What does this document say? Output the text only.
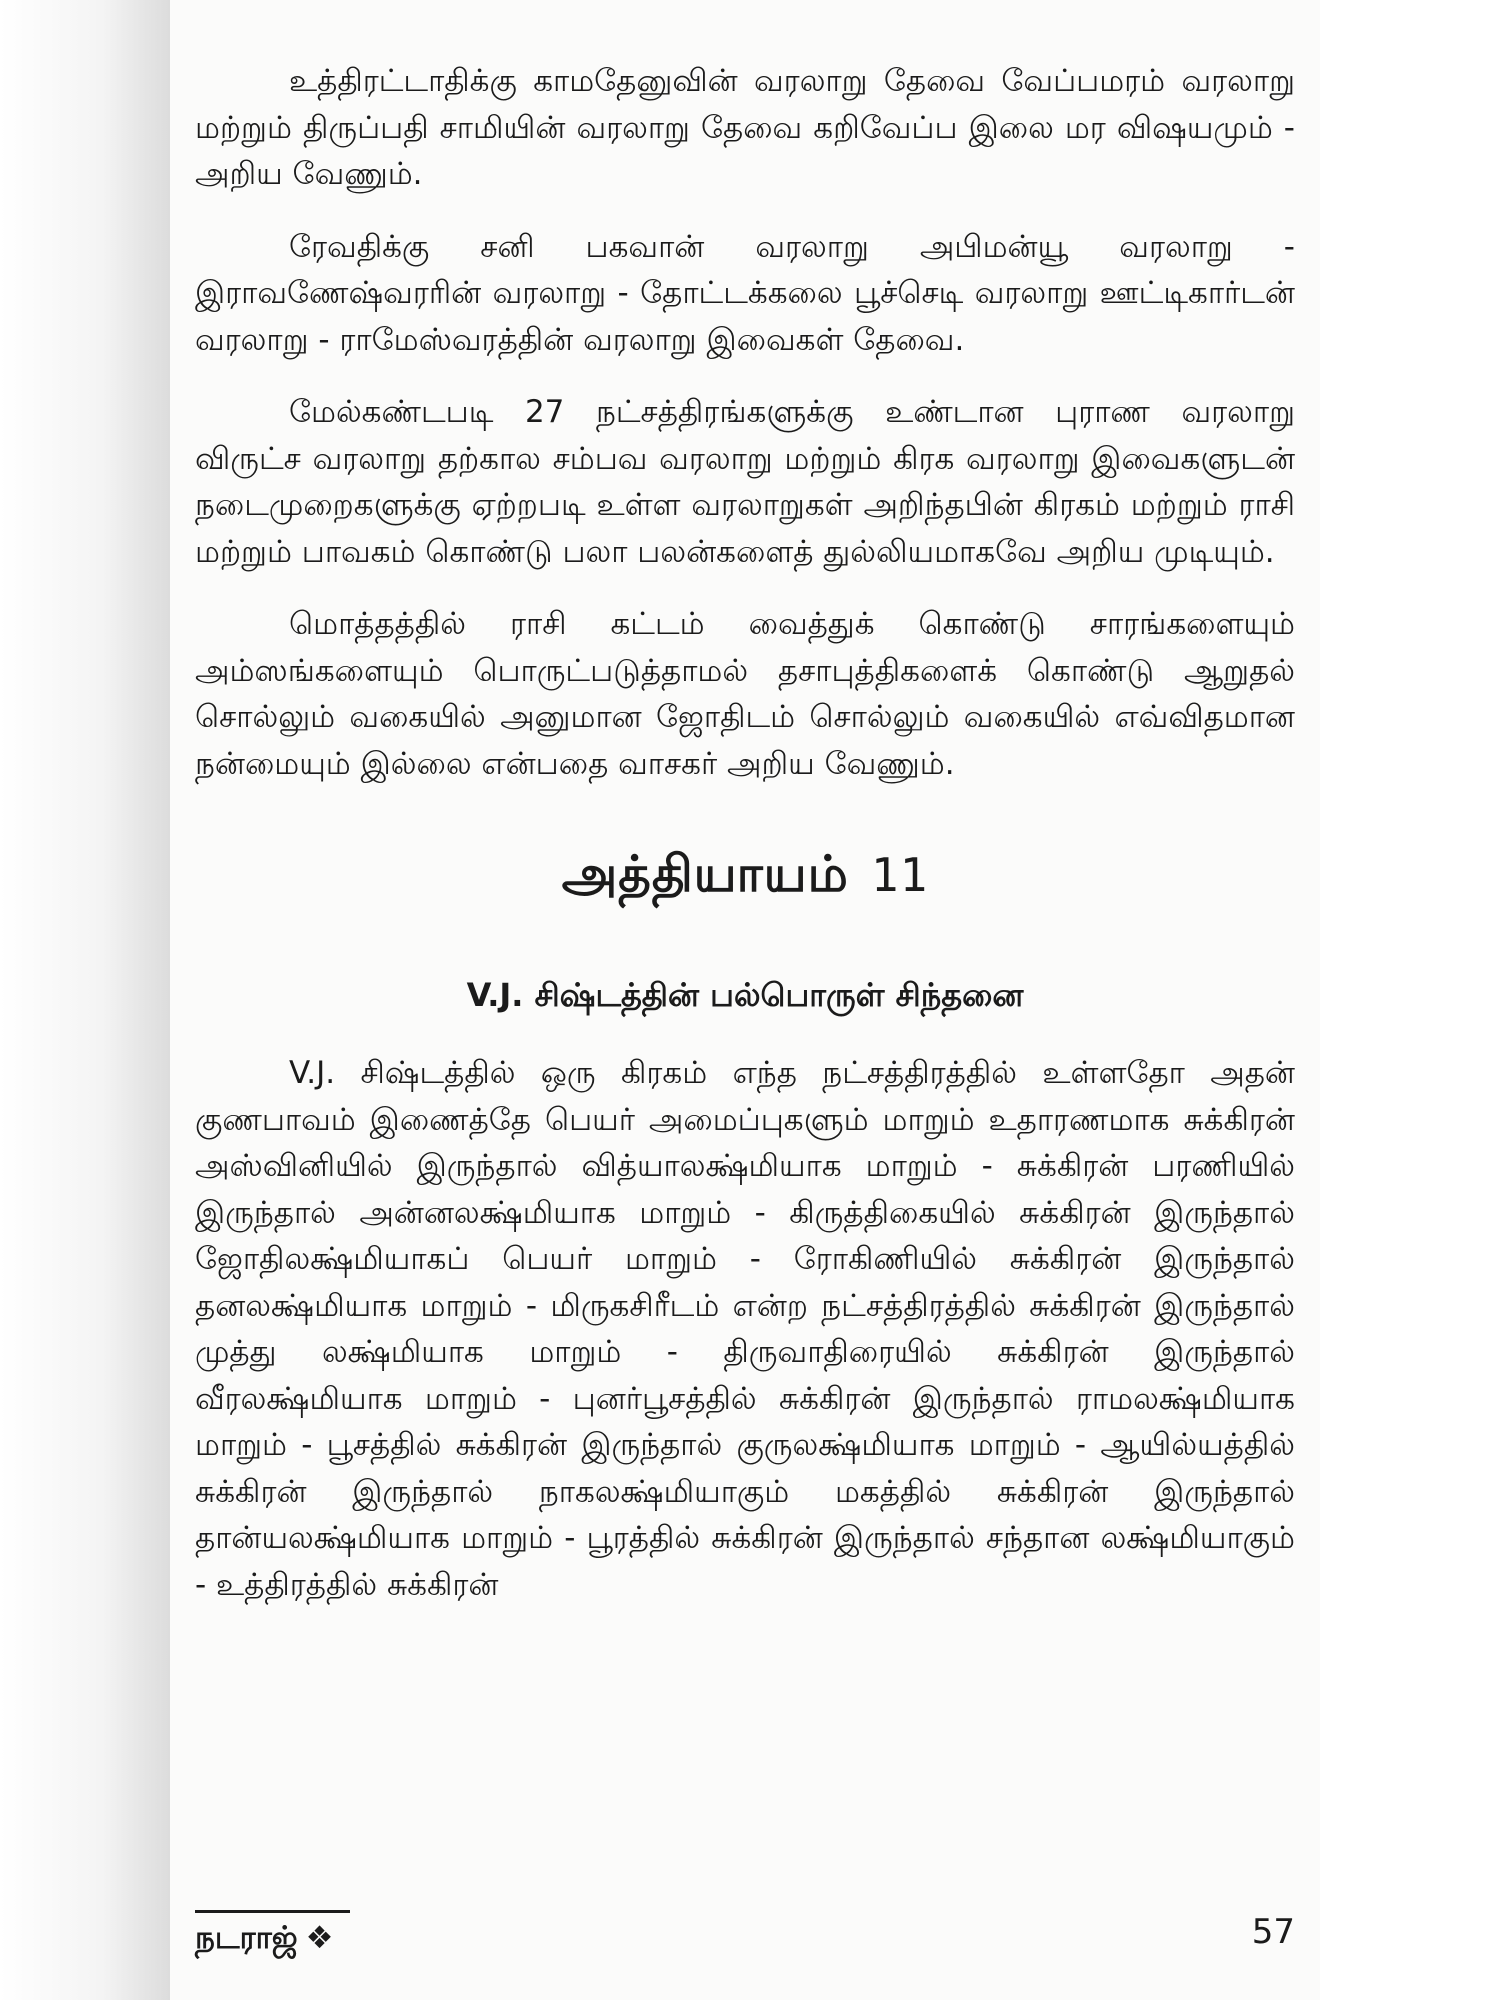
உத்திரட்டாதிக்கு காமதேனுவின் வரலாறு தேவை வேப்பமரம் வரலாறு மற்றும் திருப்பதி சாமியின் வரலாறு தேவை கறிவேப்ப இலை மர விஷயமும் - அறிய வேணும்.

ரேவதிக்கு சனி பகவான் வரலாறு அபிமன்யூ வரலாறு - இராவணேஷ்வரரின் வரலாறு - தோட்டக்கலை பூச்செடி வரலாறு ஊட்டிகார்டன் வரலாறு - ராமேஸ்வரத்தின் வரலாறு இவைகள் தேவை.

மேல்கண்டபடி 27 நட்சத்திரங்களுக்கு உண்டான புராண வரலாறு விருட்ச வரலாறு தற்கால சம்பவ வரலாறு மற்றும் கிரக வரலாறு இவைகளுடன் நடைமுறைகளுக்கு ஏற்றபடி உள்ள வரலாறுகள் அறிந்தபின் கிரகம் மற்றும் ராசி மற்றும் பாவகம் கொண்டு பலா பலன்களைத் துல்லியமாகவே அறிய முடியும்.

மொத்தத்தில் ராசி கட்டம் வைத்துக் கொண்டு சாரங்களையும் அம்ஸங்களையும் பொருட்படுத்தாமல் தசாபுத்திகளைக் கொண்டு ஆறுதல் சொல்லும் வகையில் அனுமான ஜோதிடம் சொல்லும் வகையில் எவ்விதமான நன்மையும் இல்லை என்பதை வாசகர் அறிய வேணும்.

அத்தியாயம் 11
V.J. சிஷ்டத்தின் பல்பொருள் சிந்தனை

V.J. சிஷ்டத்தில் ஒரு கிரகம் எந்த நட்சத்திரத்தில் உள்ளதோ அதன் குணபாவம் இணைத்தே பெயர் அமைப்புகளும் மாறும் உதாரணமாக சுக்கிரன் அஸ்வினியில் இருந்தால் வித்யாலக்ஷ்மியாக மாறும் - சுக்கிரன் பரணியில் இருந்தால் அன்னலக்ஷ்மியாக மாறும் - கிருத்திகையில் சுக்கிரன் இருந்தால் ஜோதிலக்ஷ்மியாகப் பெயர் மாறும் - ரோகிணியில் சுக்கிரன் இருந்தால் தனலக்ஷ்மியாக மாறும் - மிருகசிரீடம் என்ற நட்சத்திரத்தில் சுக்கிரன் இருந்தால் முத்து லக்ஷ்மியாக மாறும் - திருவாதிரையில் சுக்கிரன் இருந்தால் வீரலக்ஷ்மியாக மாறும் - புனர்பூசத்தில் சுக்கிரன் இருந்தால் ராமலக்ஷ்மியாக மாறும் - பூசத்தில் சுக்கிரன் இருந்தால் குருலக்ஷ்மியாக மாறும் - ஆயில்யத்தில் சுக்கிரன் இருந்தால் நாகலக்ஷ்மியாகும் மகத்தில் சுக்கிரன் இருந்தால் தான்யலக்ஷ்மியாக மாறும் - பூரத்தில் சுக்கிரன் இருந்தால் சந்தான லக்ஷ்மியாகும் - உத்திரத்தில் சுக்கிரன்

நடராஜ் ❖	57
